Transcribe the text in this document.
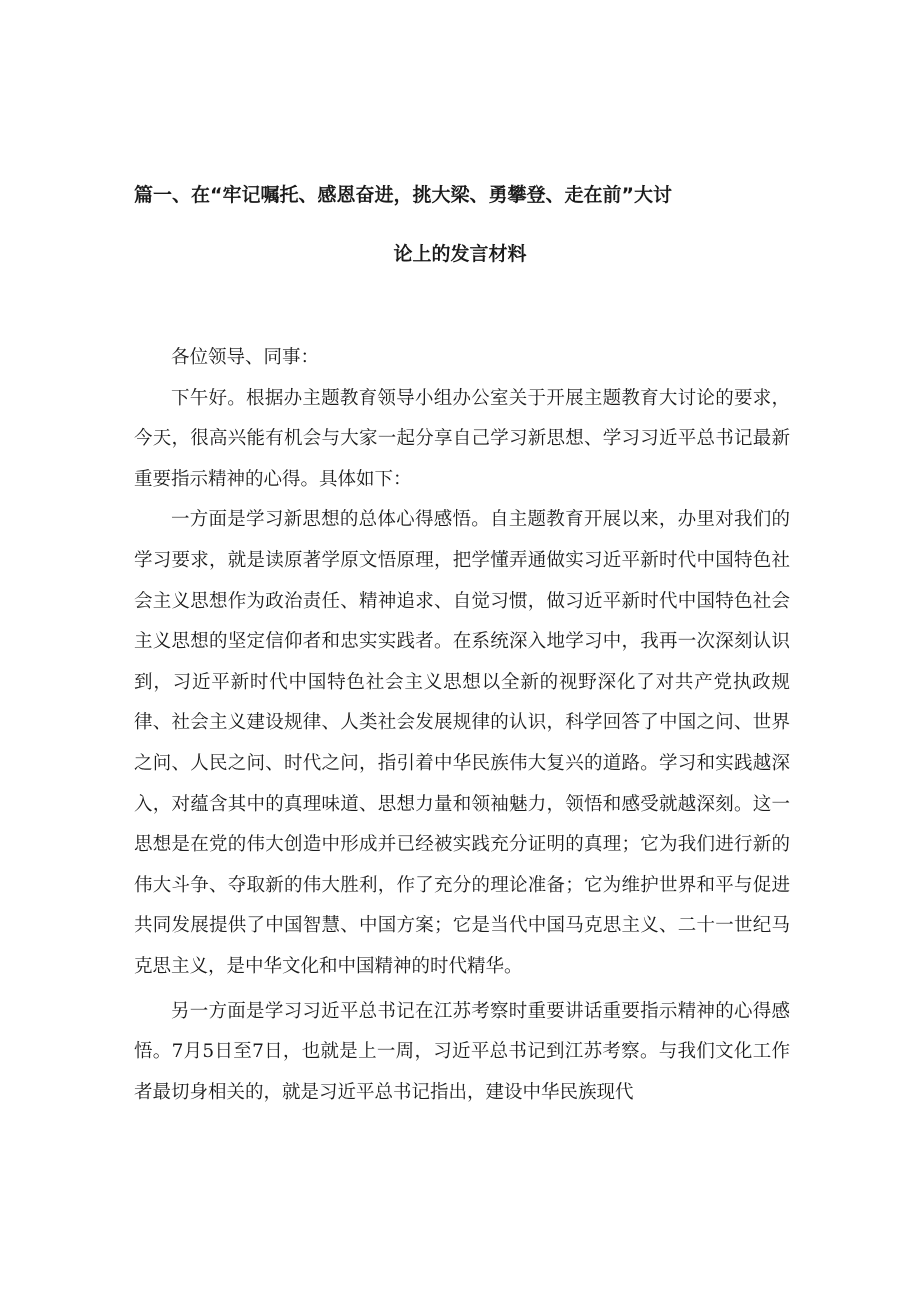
篇一、在“牢记嘱托、感恩奋进，挑大梁、勇攀登、走在前”大讨
论上的发言材料

各位领导、同事：

下午好。根据办主题教育领导小组办公室关于开展主题教育大讨论的要求，今天，很高兴能有机会与大家一起分享自己学习新思想、学习习近平总书记最新重要指示精神的心得。具体如下：

一方面是学习新思想的总体心得感悟。自主题教育开展以来，办里对我们的学习要求，就是读原著学原文悟原理，把学懂弄通做实习近平新时代中国特色社会主义思想作为政治责任、精神追求、自觉习惯，做习近平新时代中国特色社会主义思想的坚定信仰者和忠实实践者。在系统深入地学习中，我再一次深刻认识到，习近平新时代中国特色社会主义思想以全新的视野深化了对共产党执政规律、社会主义建设规律、人类社会发展规律的认识，科学回答了中国之问、世界之问、人民之问、时代之问，指引着中华民族伟大复兴的道路。学习和实践越深入，对蕴含其中的真理味道、思想力量和领袖魅力，领悟和感受就越深刻。这一思想是在党的伟大创造中形成并已经被实践充分证明的真理；它为我们进行新的伟大斗争、夺取新的伟大胜利，作了充分的理论准备；它为维护世界和平与促进共同发展提供了中国智慧、中国方案；它是当代中国马克思主义、二十一世纪马克思主义，是中华文化和中国精神的时代精华。

另一方面是学习习近平总书记在江苏考察时重要讲话重要指示精神的心得感悟。7月5日至7日，也就是上一周，习近平总书记到江苏考察。与我们文化工作者最切身相关的，就是习近平总书记指出，建设中华民族现代
